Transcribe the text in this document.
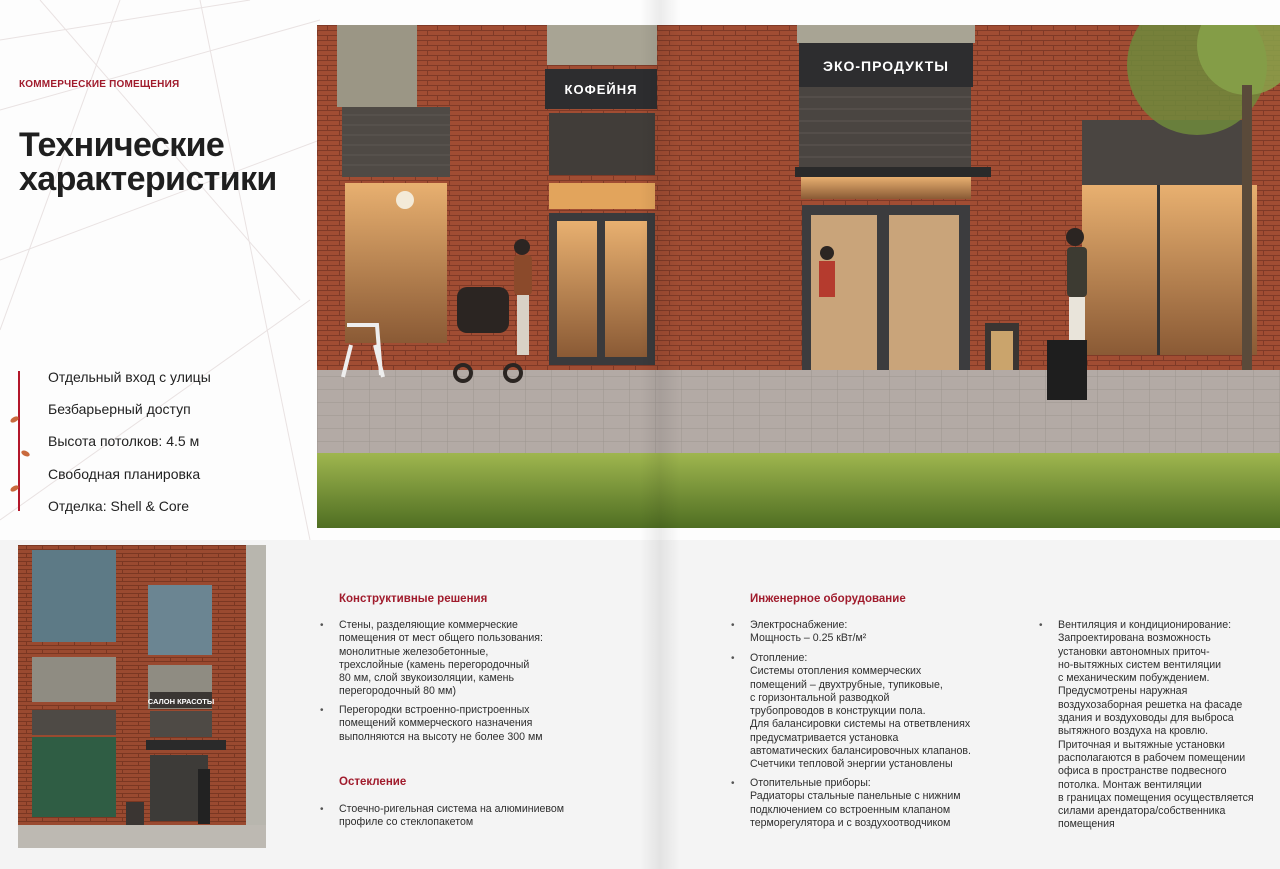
КОММЕРЧЕСКИЕ ПОМЕЩЕНИЯ
Технические
характеристики
Отдельный вход с улицы
Безбарьерный доступ
Высота потолков: 4.5 м
Свободная планировка
Отделка: Shell & Core
КОФЕЙНЯ
ЭКО-ПРОДУКТЫ
САЛОН КРАСОТЫ
Конструктивные решения
• Стены, разделяющие коммерческие
помещения от мест общего пользования:
монолитные железобетонные,
трехслойные (камень перегородочный
80 мм, слой звукоизоляции, камень
перегородочный 80 мм)
• Перегородки встроенно-пристроенных
помещений коммерческого назначения
выполняются на высоту не более 300 мм
Остекление
• Стоечно-ригельная система на алюминиевом
профиле со стеклопакетом
Инженерное оборудование
• Электроснабжение:
Мощность – 0.25 кВт/м²
• Отопление:
Системы отопления коммерческих
помещений – двухтрубные, тупиковые,
с горизонтальной разводкой
трубопроводов в конструкции пола.
Для балансировки системы на ответвлениях
предусматривается установка
автоматических балансировочных клапанов.
Счетчики тепловой энергии установлены
• Отопительные приборы:
Радиаторы стальные панельные с нижним
подключением со встроенным клапаном
терморегулятора и с воздухоотводчиком
• Вентиляция и кондиционирование:
Запроектирована возможность
установки автономных приточ-
но-вытяжных систем вентиляции
с механическим побуждением.
Предусмотрены наружная
воздухозаборная решетка на фасаде
здания и воздуховоды для выброса
вытяжного воздуха на кровлю.
Приточная и вытяжные установки
располагаются в рабочем помещении
офиса в пространстве подвесного
потолка. Монтаж вентиляции
в границах помещения осуществляется
силами арендатора/собственника
помещения
